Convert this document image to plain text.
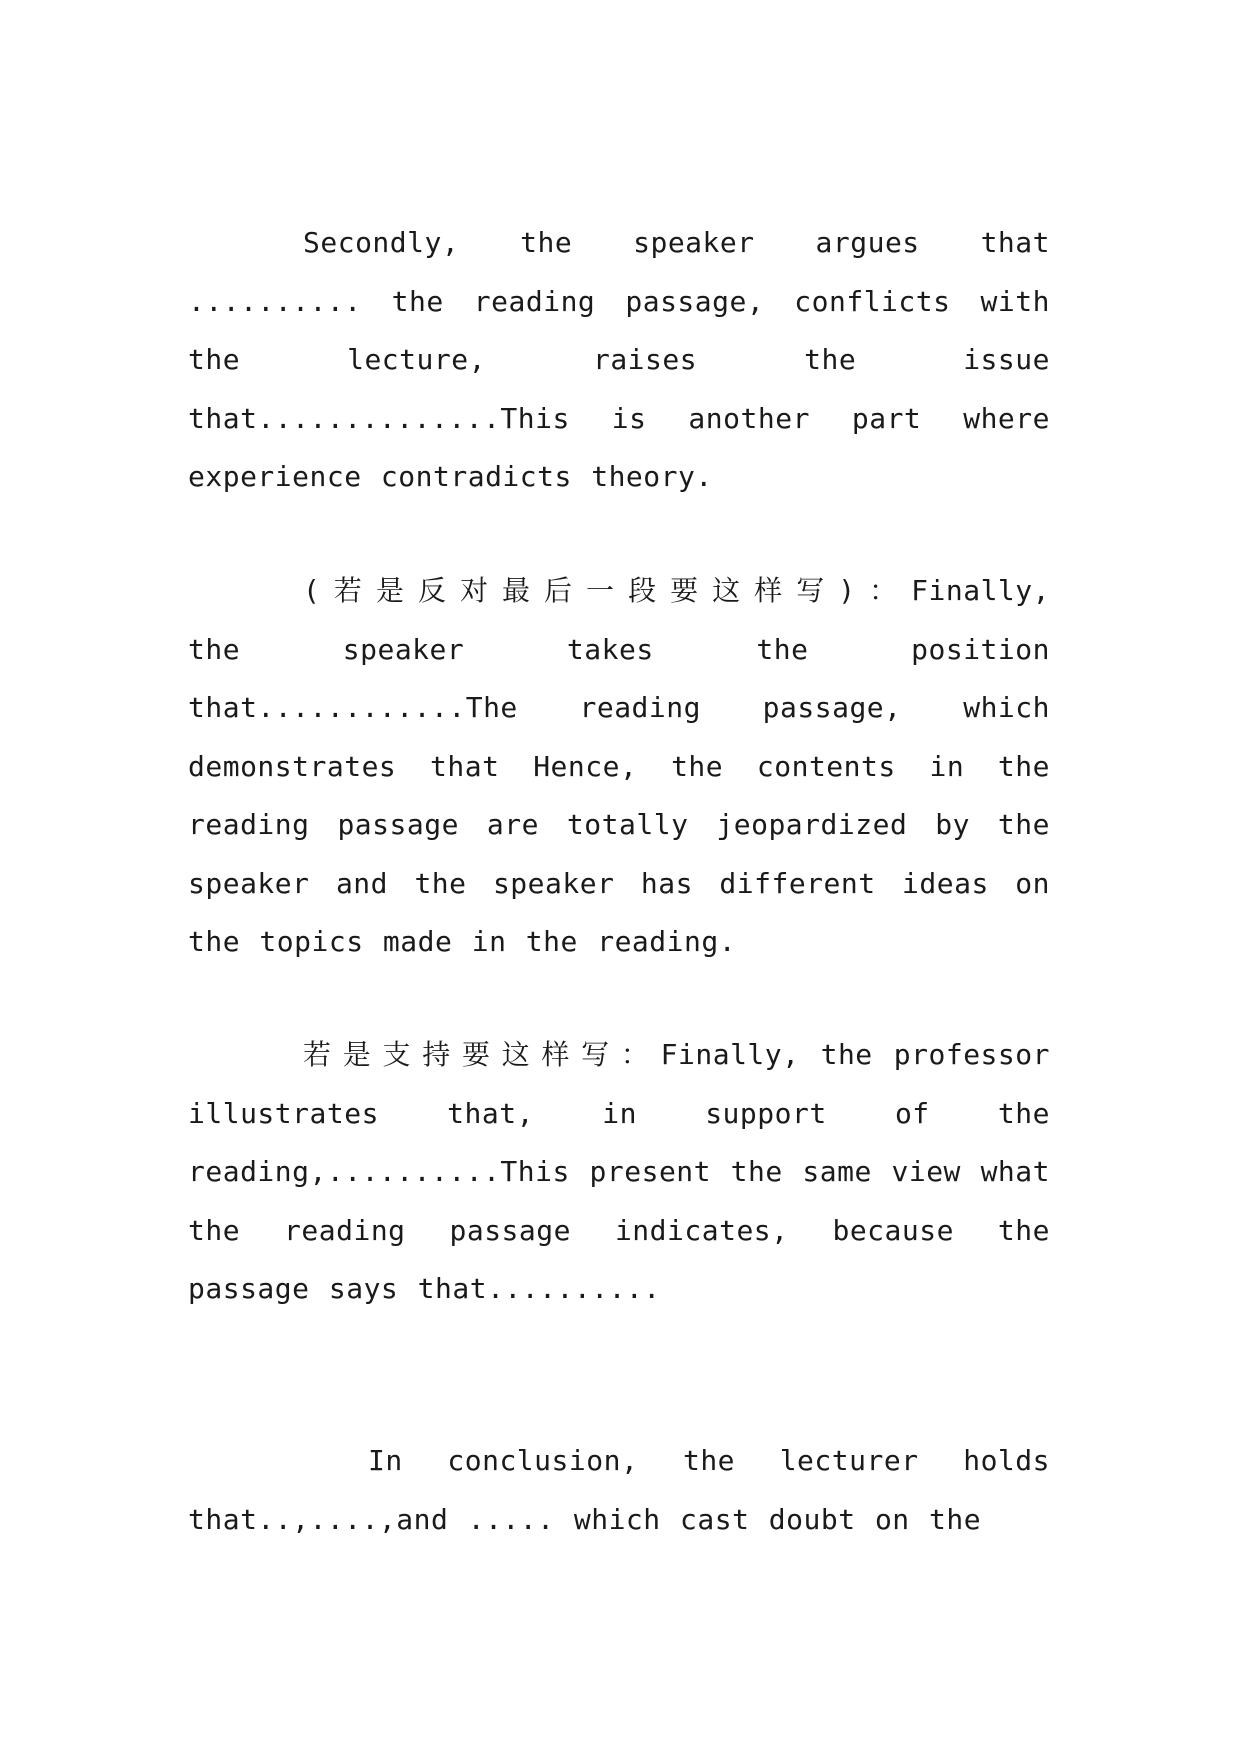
Secondly, the speaker argues that .......... the reading passage, conflicts with the lecture, raises the issue that..............This is another part where experience contradicts theory.

(若是反对最后一段要这样写)：Finally, the speaker takes the position that............The reading passage, which demonstrates that Hence, the contents in the reading passage are totally jeopardized by the speaker and the speaker has different ideas on the topics made in the reading.

若是支持要这样写：Finally, the professor illustrates that, in support of the reading,..........This present the same view what the reading passage indicates, because the passage says that..........

In conclusion, the lecturer holds that..,....,and ..... which cast doubt on the
